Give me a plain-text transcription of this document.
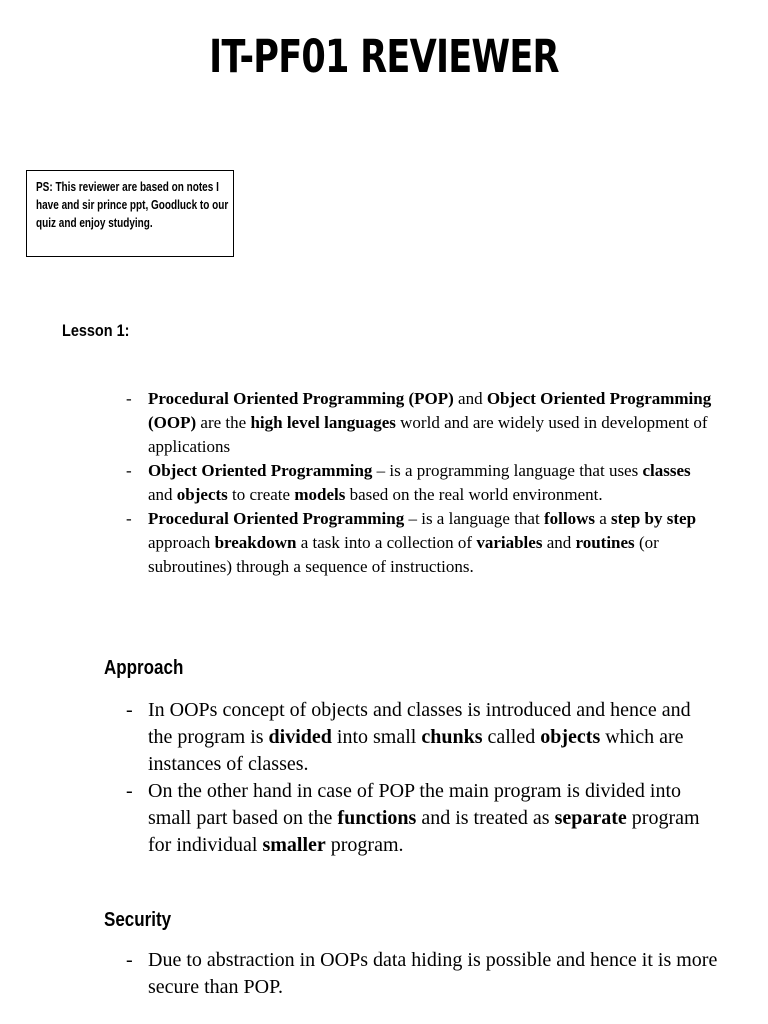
IT-PF01 REVIEWER
PS: This reviewer are based on notes I have and sir prince ppt, Goodluck to our quiz and enjoy studying.
Lesson 1:
- Procedural Oriented Programming (POP) and Object Oriented Programming (OOP) are the high level languages world and are widely used in development of applications
- Object Oriented Programming – is a programming language that uses classes and objects to create models based on the real world environment.
- Procedural Oriented Programming – is a language that follows a step by step approach breakdown a task into a collection of variables and routines (or subroutines) through a sequence of instructions.
Approach
- In OOPs concept of objects and classes is introduced and hence and the program is divided into small chunks called objects which are instances of classes.
- On the other hand in case of POP the main program is divided into small part based on the functions and is treated as separate program for individual smaller program.
Security
- Due to abstraction in OOPs data hiding is possible and hence it is more secure than POP.
